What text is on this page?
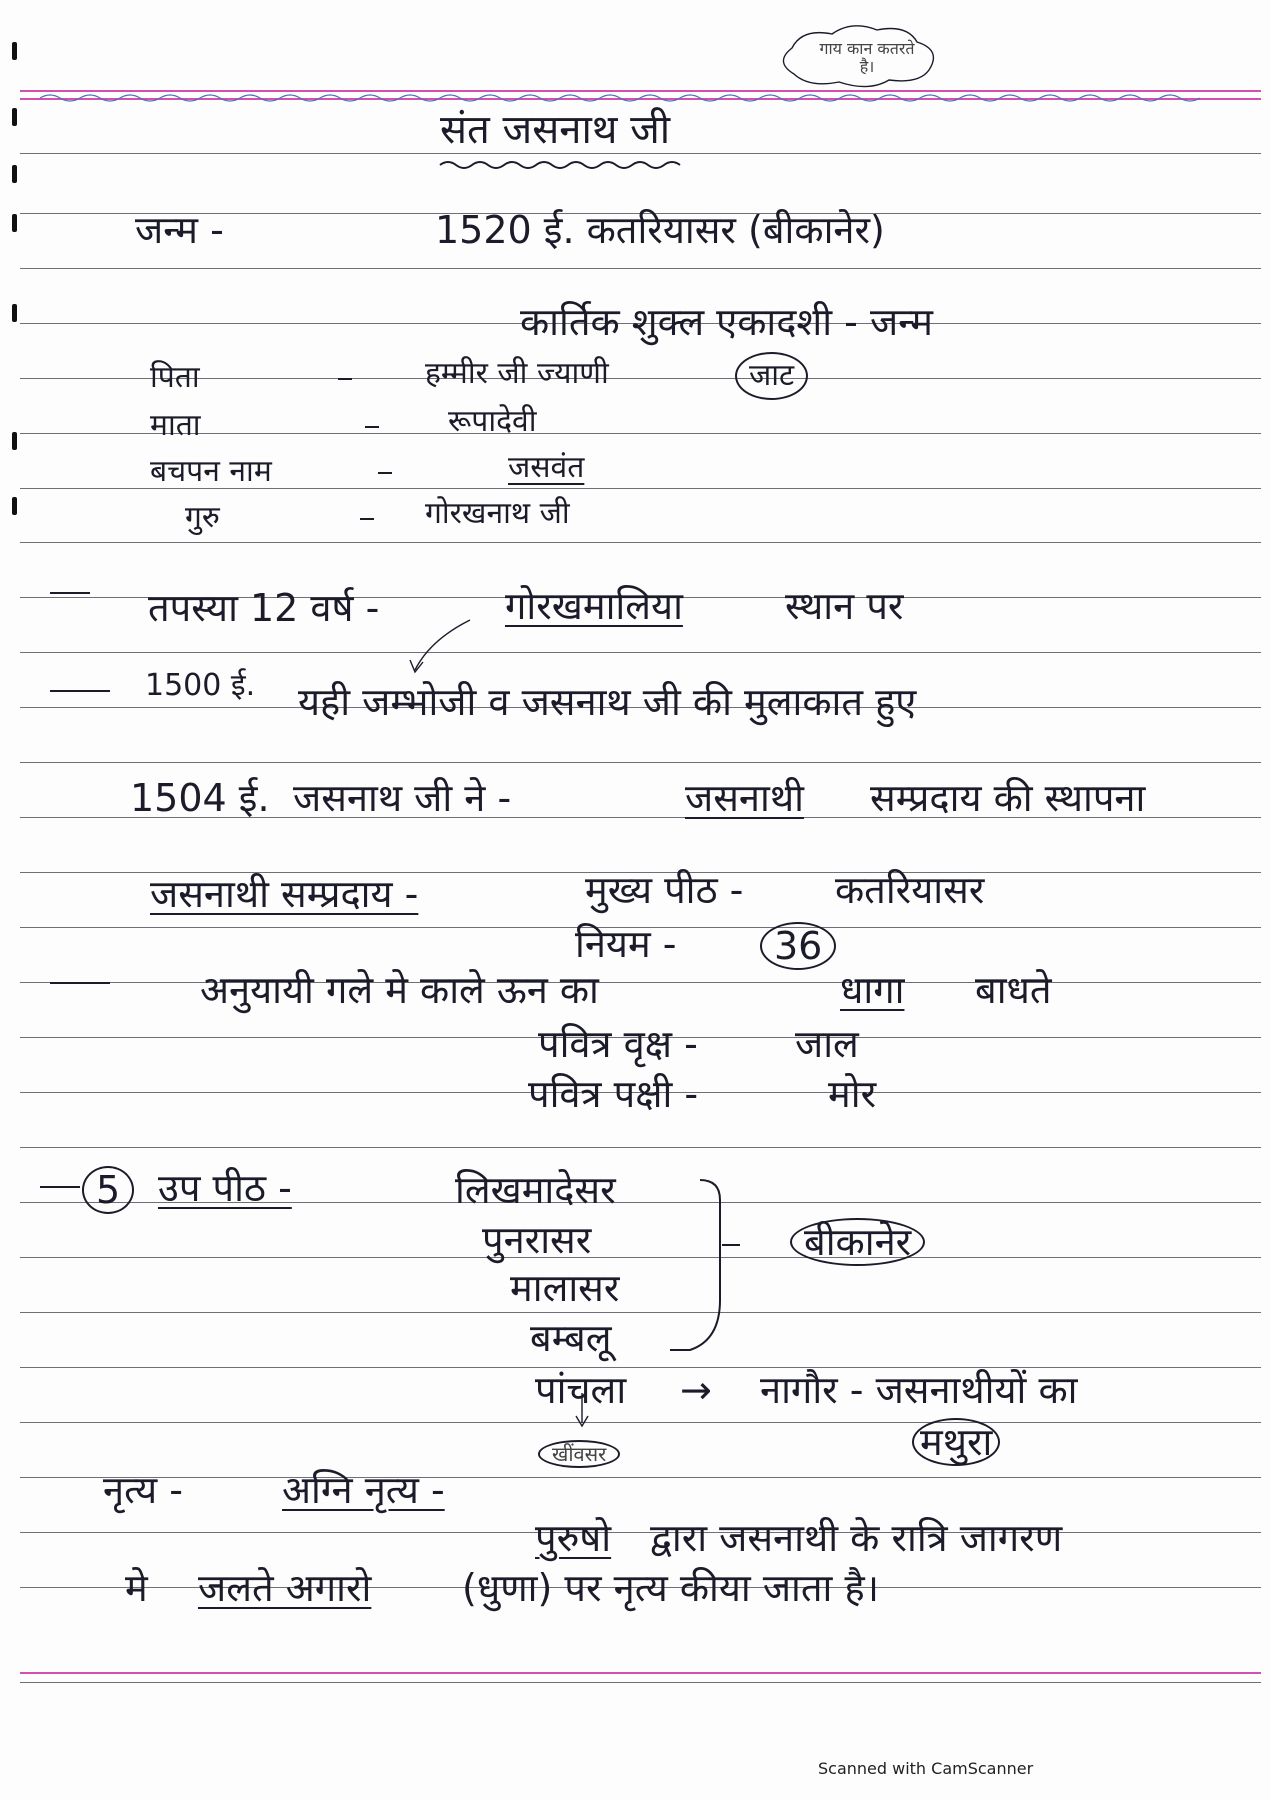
गाय कान कतरते है।
संत जसनाथ जी
जन्म -	1520 ई. कतरियासर (बीकानेर)
कार्तिक शुक्ल एकादशी - जन्म
पिता	हम्मीर जी ज्याणी	जाट
माता	रूपादेवी
बचपन नाम	जसवंत
गुरु	गोरखनाथ जी
तपस्या 12 वर्ष -	गोरखमालिया	स्थान पर
1500 ई. यही जम्भोजी व जसनाथ जी की मुलाकात हुए
1504 ई. जसनाथ जी ने -	जसनाथी सम्प्रदाय की स्थापना
जसनाथी सम्प्रदाय -	मुख्य पीठ - कतरियासर
नियम -	36
अनुयायी गले मे काले ऊन का	धागा बाधते
पवित्र वृक्ष -	जाल
पवित्र पक्षी -	मोर
5 उप पीठ -	लिखमादेसर
पुनरासर
मालासर
बम्बलू
बीकानेर
पांचला → नागौर - जसनाथीयों का
खींवसर	मथुरा
नृत्य -	अग्नि नृत्य -
पुरुषो द्वारा जसनाथी के रात्रि जागरण
मे जलते अगारो (धुणा) पर नृत्य कीया जाता है।
Scanned with CamScanner
